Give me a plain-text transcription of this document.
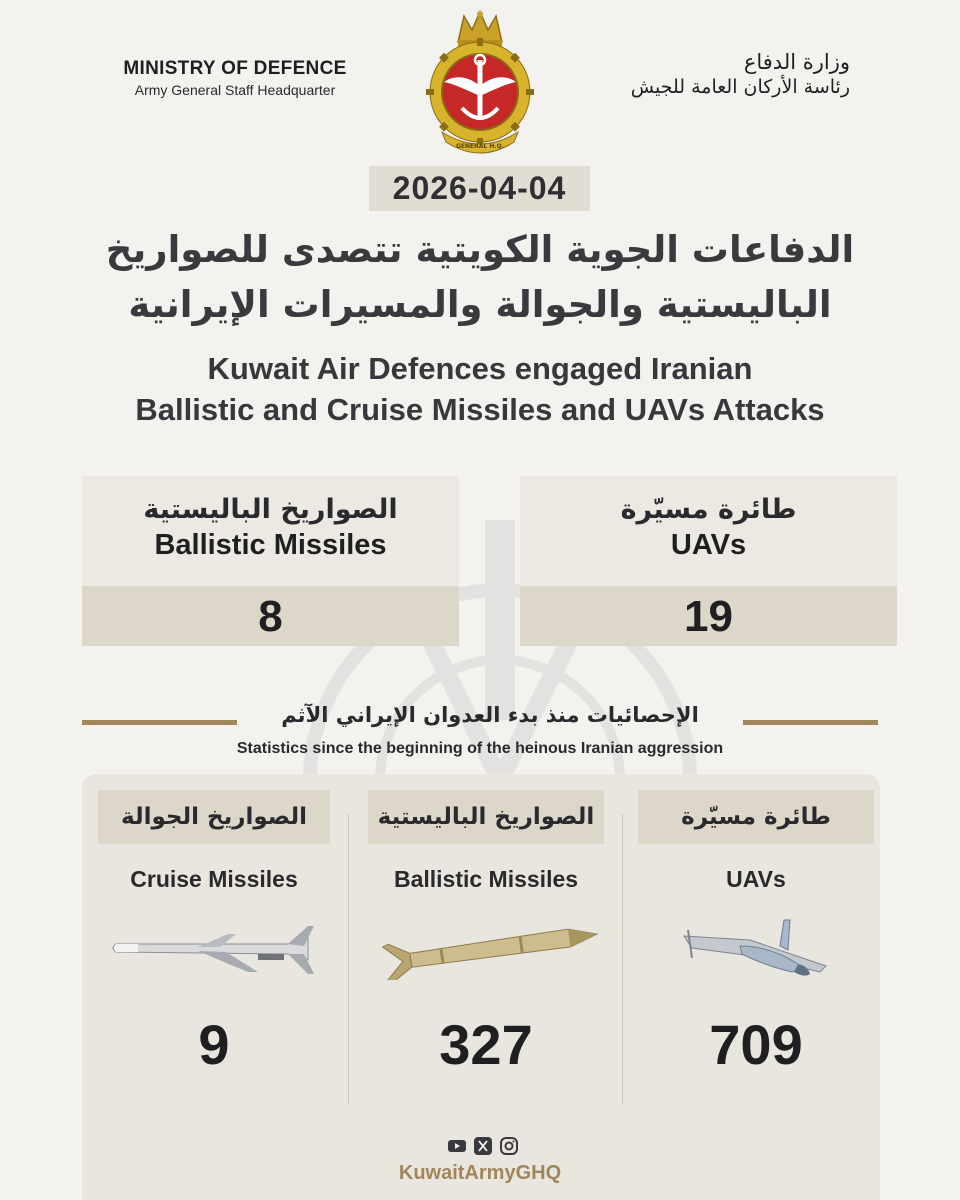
MINISTRY OF DEFENCE
Army General Staff Headquarter
GENERAL H.Q.
وزارة الدفاع
رئاسة الأركان العامة للجيش
2026-04-04
الدفاعات الجوية الكويتية تتصدى للصواريخ
الباليستية والجوالة والمسيرات الإيرانية
Kuwait Air Defences engaged Iranian
Ballistic and Cruise Missiles and UAVs Attacks
الصواريخ الباليستية
Ballistic Missiles
8
طائرة مسيّرة
UAVs
19
الإحصائيات منذ بدء العدوان الإيراني الآثم
Statistics since the beginning of the heinous Iranian aggression
الصواريخ الجوالة
Cruise Missiles
9
الصواريخ الباليستية
Ballistic Missiles
327
طائرة مسيّرة
UAVs
709
KuwaitArmyGHQ
